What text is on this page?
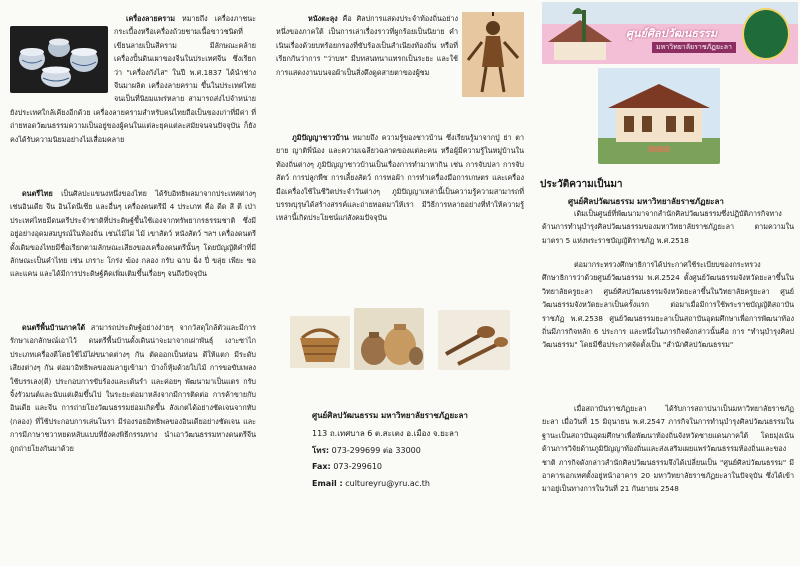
เครื่องลายคราม หมายถึง เครื่องภาชนะกระเบื้องหรือเครื่องถ้วยชามเนื้อขาวชนิดที่เขียนลายเป็นสีคราม มีลักษณะคล้ายเครื่องปั้นดินเผาของจีนในประเทศจีน ซึ่งเรียกว่า "เครื่องกังไส" ในปี พ.ศ.1837 ได้นำช่างจีนมาผลิต เครื่องลายคราม ขึ้นในประเทศไทยจนเป็นที่นิยมแพร่หลาย สามารถส่งไปจำหน่ายยังประเทศใกล้เคียงอีกด้วย เครื่องลายครามสำหรับคนไทยถือเป็นของเก่าที่มีค่า ที่ถ่ายทอดวัฒนธรรมความเป็นอยู่ของผู้คนในแต่ละยุคแต่ละสมัยจนจนปัจจุบัน ก็ยังคงได้รับความนิยมอย่างไม่เสื่อมคลาย
ดนตรีไทย เป็นศิลปะแขนงหนึ่งของไทย ได้รับอิทธิพลมาจากประเทศต่างๆ เช่นอินเดีย จีน อินโดนีเซีย และอื่นๆ เครื่องดนตรีมี 4 ประเภท คือ ดีด สี ตี เป่า ประเทศไทยมีดนตรีประจำชาติที่ประดิษฐ์ขึ้นใช้เองจากทรัพยากรธรรมชาติ ซึ่งมีอยู่อย่างอุดมสมบูรณ์ในท้องถิ่น เช่นไม้ไผ่ ไม้ เขาสัตว์ หนังสัตว์ ฯลฯ เครื่องดนตรีดั้งเดิมของไทยมีชื่อเรียกตามลักษณะเสียงของเครื่องดนตรีนั้นๆ โดยบัญญัติคำที่มีลักษณะเป็นคำไทย เช่น เกราะ โกร่ง ฆ้อง กลอง กรับ ฉาบ ฉิ่ง ปี่ ขลุ่ย เพียะ ซอ และแคน และได้มีการประดิษฐ์คิดเพิ่มเติมขึ้นเรื่อยๆ จนถึงปัจจุบัน
ดนตรีพื้นบ้านภาคใต้ สามารถประดิษฐ์อย่างง่ายๆ จากวัสดุใกล้ตัวและมีการรักษาเอกลักษณ์เอาไว้ ดนตรีพื้นบ้านดั้งเดินน่าจะมาจากเผ่าพันธุ์ เงาะซาไก ประเภทเครื่องตีโดยใช้ไม้ไผ่ขนาดต่างๆ กัน ตัดออกเป็นท่อน ตีให้แตก มีระดับเสียงต่างๆ กัน ต่อมาอิทธิพลของมลายูเข้ามา บ้างก็หุ้มด้วยใบไม้ การขอขับเพลงใช้บรรเลง(ตี) ประกอบการขับร้องและเต้นรำ และค่อยๆ พัฒนามาเป็นแตร กรับ จิ้งรัวมนต์และนับแต่เดิมขึ้นไป ในระยะต่อมาหลังจากมีการติดต่อ การค้าขายกับอินเดีย และจีน การถ่ายโยงวัฒนธรรมย่อมเกิดขึ้น สังเกตได้อย่างชัดเจนจากทับ (กลอง) ที่ใช้ประกอบการเล่นโนรา มีร่องรอยอิทธิพลของอินเดียอย่างชัดเจน และการมีภาษาชวาหยดหลับแบบที่ยังคงพิธีกรรมทาง นำเอาวัฒนธรรมทางดนตรีจีนถูกถ่ายโยงกันมาด้วย
หนังตะลุง คือ ศิลปการแสดงประจำท้องถิ่นอย่างหนึ่งของภาคใต้ เป็นการเล่าเรื่องราวที่ผูกร้อยเป็นนิยาย คำเนินเรื่องด้วยบทร้อยกรองที่ขับร้องเป็นสำเนียงท้องถิ่น หรือที่เรียกกันว่าการ "ว่าบท" มีบทสนทนาแทรกเป็นระยะ และใช้การแสดงงานบนจอผ้าเป็นสิ่งดึงดูดสายตาของผู้ชม
ภูมิปัญญาชาวบ้าน หมายถึง ความรู้ของชาวบ้าน ซึ่งเรียนรู้มาจากปู่ ย่า ตา ยาย ญาติพี่น้อง และความเฉลียวฉลาดของแต่ละคน หรือผู้มีความรู้ในหมู่บ้านในท้องถิ่นต่างๆ ภูมิปัญญาชาวบ้านเป็นเรื่องการทำมาหากิน เช่น การจับปลา การจับสัตว์ การปลูกพืช การเลี้ยงสัตว์ การทอผ้า การทำเครื่องมือการเกษตร และเครื่องมือเครื่องใช้ในชีวิตประจำวันต่างๆ ภูมิปัญญาเหล่านี้เป็นความรู้ความสามารถที่บรรพบุรุษได้สร้างสรรค์และถ่ายทอดมาให้เรา มีวิธีการหลายอย่างที่ทำให้ความรู้เหล่านี้เกิดประโยชน์แก่สังคมปัจจุบัน
ศูนย์ศิลปวัฒนธรรม มหาวิทยาลัยราชภัฏยะลา
113 ถ.เทศบาล 6 ต.สะเตง อ.เมือง จ.ยะลา
โทร: 073-299699 ต่อ 33000
Fax: 073-299610
Email : cultureyru@yru.ac.th
ศูนย์ศิลปวัฒนธรรม
มหาวิทยาลัยราชภัฏยะลา
ประวัติความเป็นมา
ศูนย์ศิลปวัฒนธรรม มหาวิทยาลัยราชภัฏยะลา
เดิมเป็นศูนย์ที่พัฒนามาจากสำนักศิลปวัฒนธรรมซึ่งปฏิบัติภารกิจทางด้านการทำนุบำรุงศิลปวัฒนธรรมของมหาวิทยาลัยราชภัฏยะลา ตามความในมาตรา 5 แห่งพระราชบัญญัติราชภัฏ พ.ศ.2518
ต่อมากระทรวงศึกษาธิการได้ประกาศใช้ระเบียบของกระทรวงศึกษาธิการว่าด้วยศูนย์วัฒนธรรม พ.ศ.2524 ตั้งศูนย์วัฒนธรรมจังหวัดยะลาขึ้นในวิทยาลัยครูยะลา ศูนย์ศิลปวัฒนธรรมจังหวัดยะลาขึ้นในวิทยาลัยครูยะลา ศูนย์วัฒนธรรมจังหวัดยะลาเป็นครั้งแรก ต่อมาเมื่อมีการใช้พระราชบัญญัติสถาบันราชภัฏ พ.ศ.2538 ศูนย์วัฒนธรรมยะลาเป็นสถาบันอุดมศึกษาเพื่อการพัฒนาท้องถิ่นมีภารกิจหลัก 6 ประการ และหนึ่งในภารกิจดังกล่าวนั้นคือ การ "ทำนุบำรุงศิลปวัฒนธรรม" โดยมีชื่อประกาศจัดตั้งเป็น "สำนักศิลปวัฒนธรรม"
เมื่อสถาบันราชภัฏยะลา ได้รับการสถาปนาเป็นมหาวิทยาลัยราชภัฏยะลา เมื่อวันที่ 15 มิถุนายน พ.ศ.2547 ภารกิจในการทำนุบำรุงศิลปวัฒนธรรมในฐานะเป็นสถาบันอุดมศึกษาเพื่อพัฒนาท้องถิ่นจังหวัดชายแดนภาคใต้ โดยมุ่งเน้นด้านการวิจัยด้านภูมิปัญญาท้องถิ่นและส่งเสริมเผยแพร่วัฒนธรรมท้องถิ่นและของชาติ ภารกิจดังกล่าวสำนักศิลปวัฒนธรรมจึงได้เปลี่ยนเป็น "ศูนย์ศิลปวัฒนธรรม" มีอาคารเอกเทศตั้งอยู่หน้าอาคาร 20 มหาวิทยาลัยราชภัฏยะลาในปัจจุบัน ซึ่งได้เข้ามาอยู่เป็นทางการในวันที่ 21 กันยายน 2548
